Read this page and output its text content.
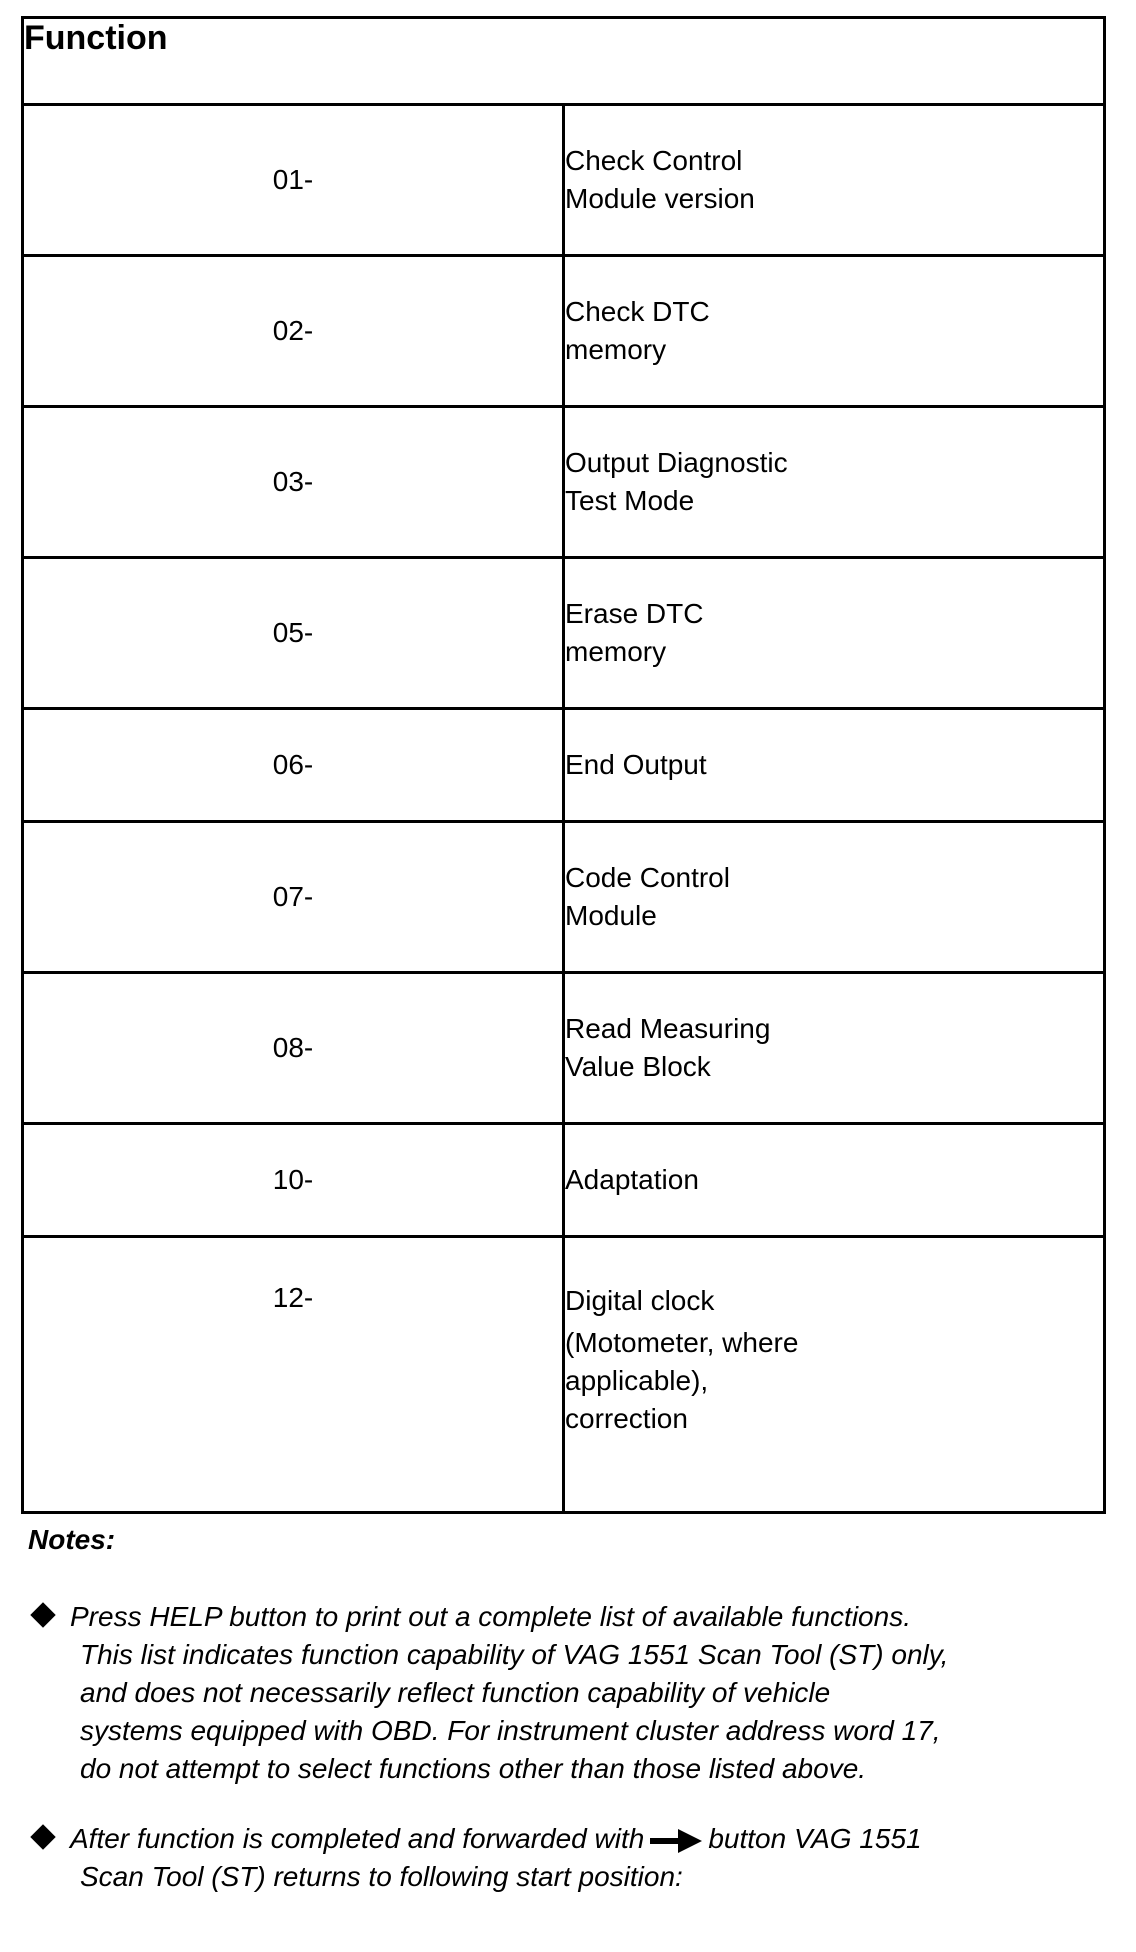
Function	
01-	Check Control
Module version

02-	Check DTC
memory

03-	Output Diagnostic
Test Mode

05-	Erase DTC
memory

06-	End Output

07-	Code Control
Module

08-	Read Measuring
Value Block

10-	Adaptation

12-	Digital clock
(Motometer, where
applicable),
correction
Notes:
Press HELP button to print out a complete list of available functions.
This list indicates function capability of VAG 1551 Scan Tool (ST) only,
and does not necessarily reflect function capability of vehicle
systems equipped with OBD. For instrument cluster address word 17,
do not attempt to select functions other than those listed above.
After function is completed and forwarded with button VAG 1551
Scan Tool (ST) returns to following start position:
